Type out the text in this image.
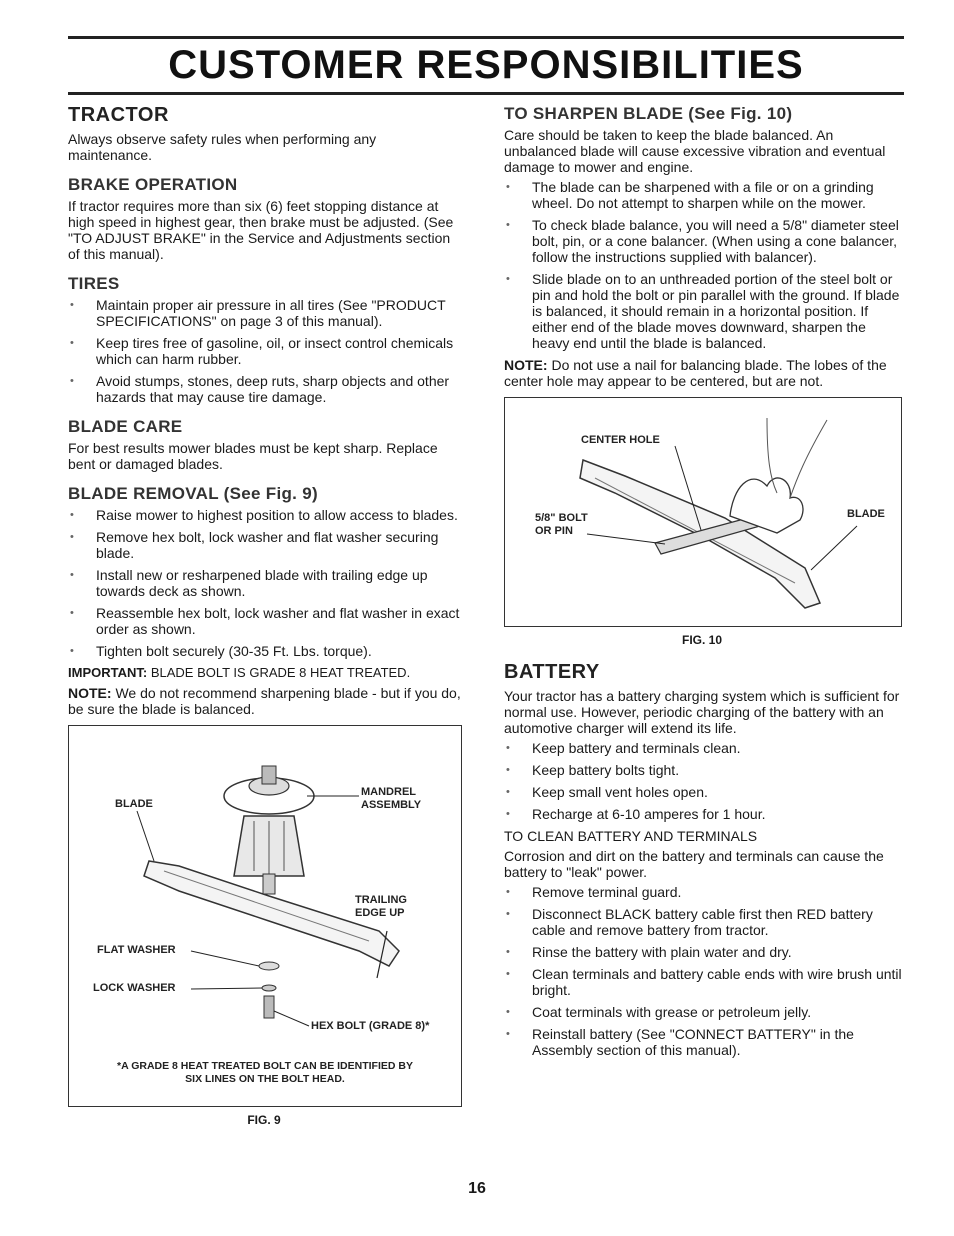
CUSTOMER RESPONSIBILITIES
TRACTOR

Always observe safety rules when performing any maintenance.

BRAKE OPERATION

If tractor requires more than six (6) feet stopping distance at high speed in highest gear, then brake must be adjusted. (See "TO ADJUST BRAKE" in the Service and Adjustments section of this manual).

TIRES
• Maintain proper air pressure in all tires (See "PRODUCT SPECIFICATIONS" on page 3 of this manual).
• Keep tires free of gasoline, oil, or insect control chemicals which can harm rubber.
• Avoid stumps, stones, deep ruts, sharp objects and other hazards that may cause tire damage.
BLADE CARE

For best results mower blades must be kept sharp. Replace bent or damaged blades.

BLADE REMOVAL (See Fig. 9)
• Raise mower to highest position to allow access to blades.
• Remove hex bolt, lock washer and flat washer securing blade.
• Install new or resharpened blade with trailing edge up towards deck as shown.
• Reassemble hex bolt, lock washer and flat washer in exact order as shown.
• Tighten bolt securely (30-35 Ft. Lbs. torque).

IMPORTANT: BLADE BOLT IS GRADE 8 HEAT TREATED.

NOTE: We do not recommend sharpening blade - but if you do, be sure the blade is balanced.

BLADE
MANDREL ASSEMBLY
TRAILING EDGE UP
FLAT WASHER
LOCK WASHER
HEX BOLT (GRADE 8)*
*A GRADE 8 HEAT TREATED BOLT CAN BE IDENTIFIED BY SIX LINES ON THE BOLT HEAD.
FIG. 9
TO SHARPEN BLADE (See Fig. 10)

Care should be taken to keep the blade balanced. An unbalanced blade will cause excessive vibration and eventual damage to mower and engine.

• The blade can be sharpened with a file or on a grinding wheel. Do not attempt to sharpen while on the mower.
• To check blade balance, you will need a 5/8" diameter steel bolt, pin, or a cone balancer. (When using a cone balancer, follow the instructions supplied with balancer).
• Slide blade on to an unthreaded portion of the steel bolt or pin and hold the bolt or pin parallel with the ground. If blade is balanced, it should remain in a horizontal position. If either end of the blade moves downward, sharpen the heavy end until the blade is balanced.

NOTE: Do not use a nail for balancing blade. The lobes of the center hole may appear to be centered, but are not.

CENTER HOLE
5/8" BOLT OR PIN
BLADE
FIG. 10
BATTERY

Your tractor has a battery charging system which is sufficient for normal use. However, periodic charging of the battery with an automotive charger will extend its life.

• Keep battery and terminals clean.
• Keep battery bolts tight.
• Keep small vent holes open.
• Recharge at 6-10 amperes for 1 hour.

TO CLEAN BATTERY AND TERMINALS

Corrosion and dirt on the battery and terminals can cause the battery to "leak" power.

• Remove terminal guard.
• Disconnect BLACK battery cable first then RED battery cable and remove battery from tractor.
• Rinse the battery with plain water and dry.
• Clean terminals and battery cable ends with wire brush until bright.
• Coat terminals with grease or petroleum jelly.
• Reinstall battery (See "CONNECT BATTERY" in the Assembly section of this manual).
16
